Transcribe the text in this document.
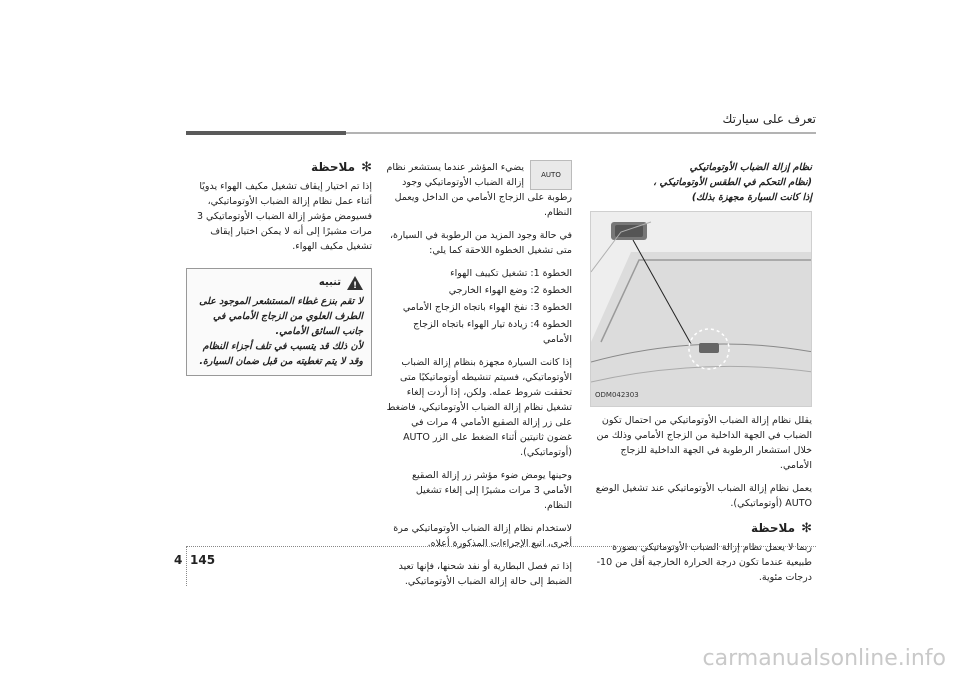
تعرف على سيارتك
نظام إزالة الضباب الأوتوماتيكي
(نظام التحكم في الطقس الأوتوماتيكي ،
إذا كانت السيارة مجهزة بذلك)
ODM042303
يقلل نظام إزالة الضباب الأوتوماتيكي من احتمال تكون الضباب في الجهة الداخلية من الزجاج الأمامي وذلك من خلال استشعار الرطوبة في الجهة الداخلية للزجاج الأمامي.
يعمل نظام إزالة الضباب الأوتوماتيكي عند تشغيل الوضع AUTO (أوتوماتيكي).
✻
ملاحظة
ربما لا يعمل نظام إزالة الضباب الأوتوماتيكي بصورة طبيعية عندما تكون درجة الحرارة الخارجية أقل من 10- درجات مئوية.
AUTO
يضيء المؤشر عندما يستشعر نظام إزالة الضباب الأوتوماتيكي وجود رطوبة على الزجاج الأمامي من الداخل ويعمل النظام.
في حالة وجود المزيد من الرطوبة في السيارة، متى تشغيل الخطوة اللاحقة كما يلي:
الخطوة 1: تشغيل تكييف الهواء
الخطوة 2: وضع الهواء الخارجي
الخطوة 3: نفخ الهواء باتجاه الزجاج الأمامي
الخطوة 4: زيادة تيار الهواء باتجاه الزجاج الأمامي
إذا كانت السيارة مجهزة بنظام إزالة الضباب الأوتوماتيكي، فسيتم تنشيطه أوتوماتيكيًا متى تحققت شروط عمله. ولكن، إذا أردت إلغاء تشغيل نظام إزالة الضباب الأوتوماتيكي، فاضغط على زر إزالة الصقيع الأمامي 4 مرات في غضون ثانيتين أثناء الضغط على الزر AUTO (أوتوماتيكي).
وحينها يومض ضوء مؤشر زر إزالة الصقيع الأمامي 3 مرات مشيرًا إلى إلغاء تشغيل النظام.
لاستخدام نظام إزالة الضباب الأوتوماتيكي مرة أخرى، اتبع الإجراءات المذكورة أعلاه.
إذا تم فصل البطارية أو نفد شحنها، فإنها تعيد الضبط إلى حالة إزالة الضباب الأوتوماتيكي.
✻
ملاحظة
إذا تم اختيار إيقاف تشغيل مكيف الهواء يدويًا أثناء عمل نظام إزالة الضباب الأوتوماتيكي، فسيومض مؤشر إزالة الضباب الأوتوماتيكي 3 مرات مشيرًا إلى أنه لا يمكن اختيار إيقاف تشغيل مكيف الهواء.
!
تنبيه
لا تقم بنزع غطاء المستشعر الموجود على الطرف العلوي من الزجاج الأمامي في جانب السائق الأمامي.
لأن ذلك قد يتسبب في تلف أجزاء النظام وقد لا يتم تغطيته من قبل ضمان السيارة.
4 145
carmanualsonline.info
